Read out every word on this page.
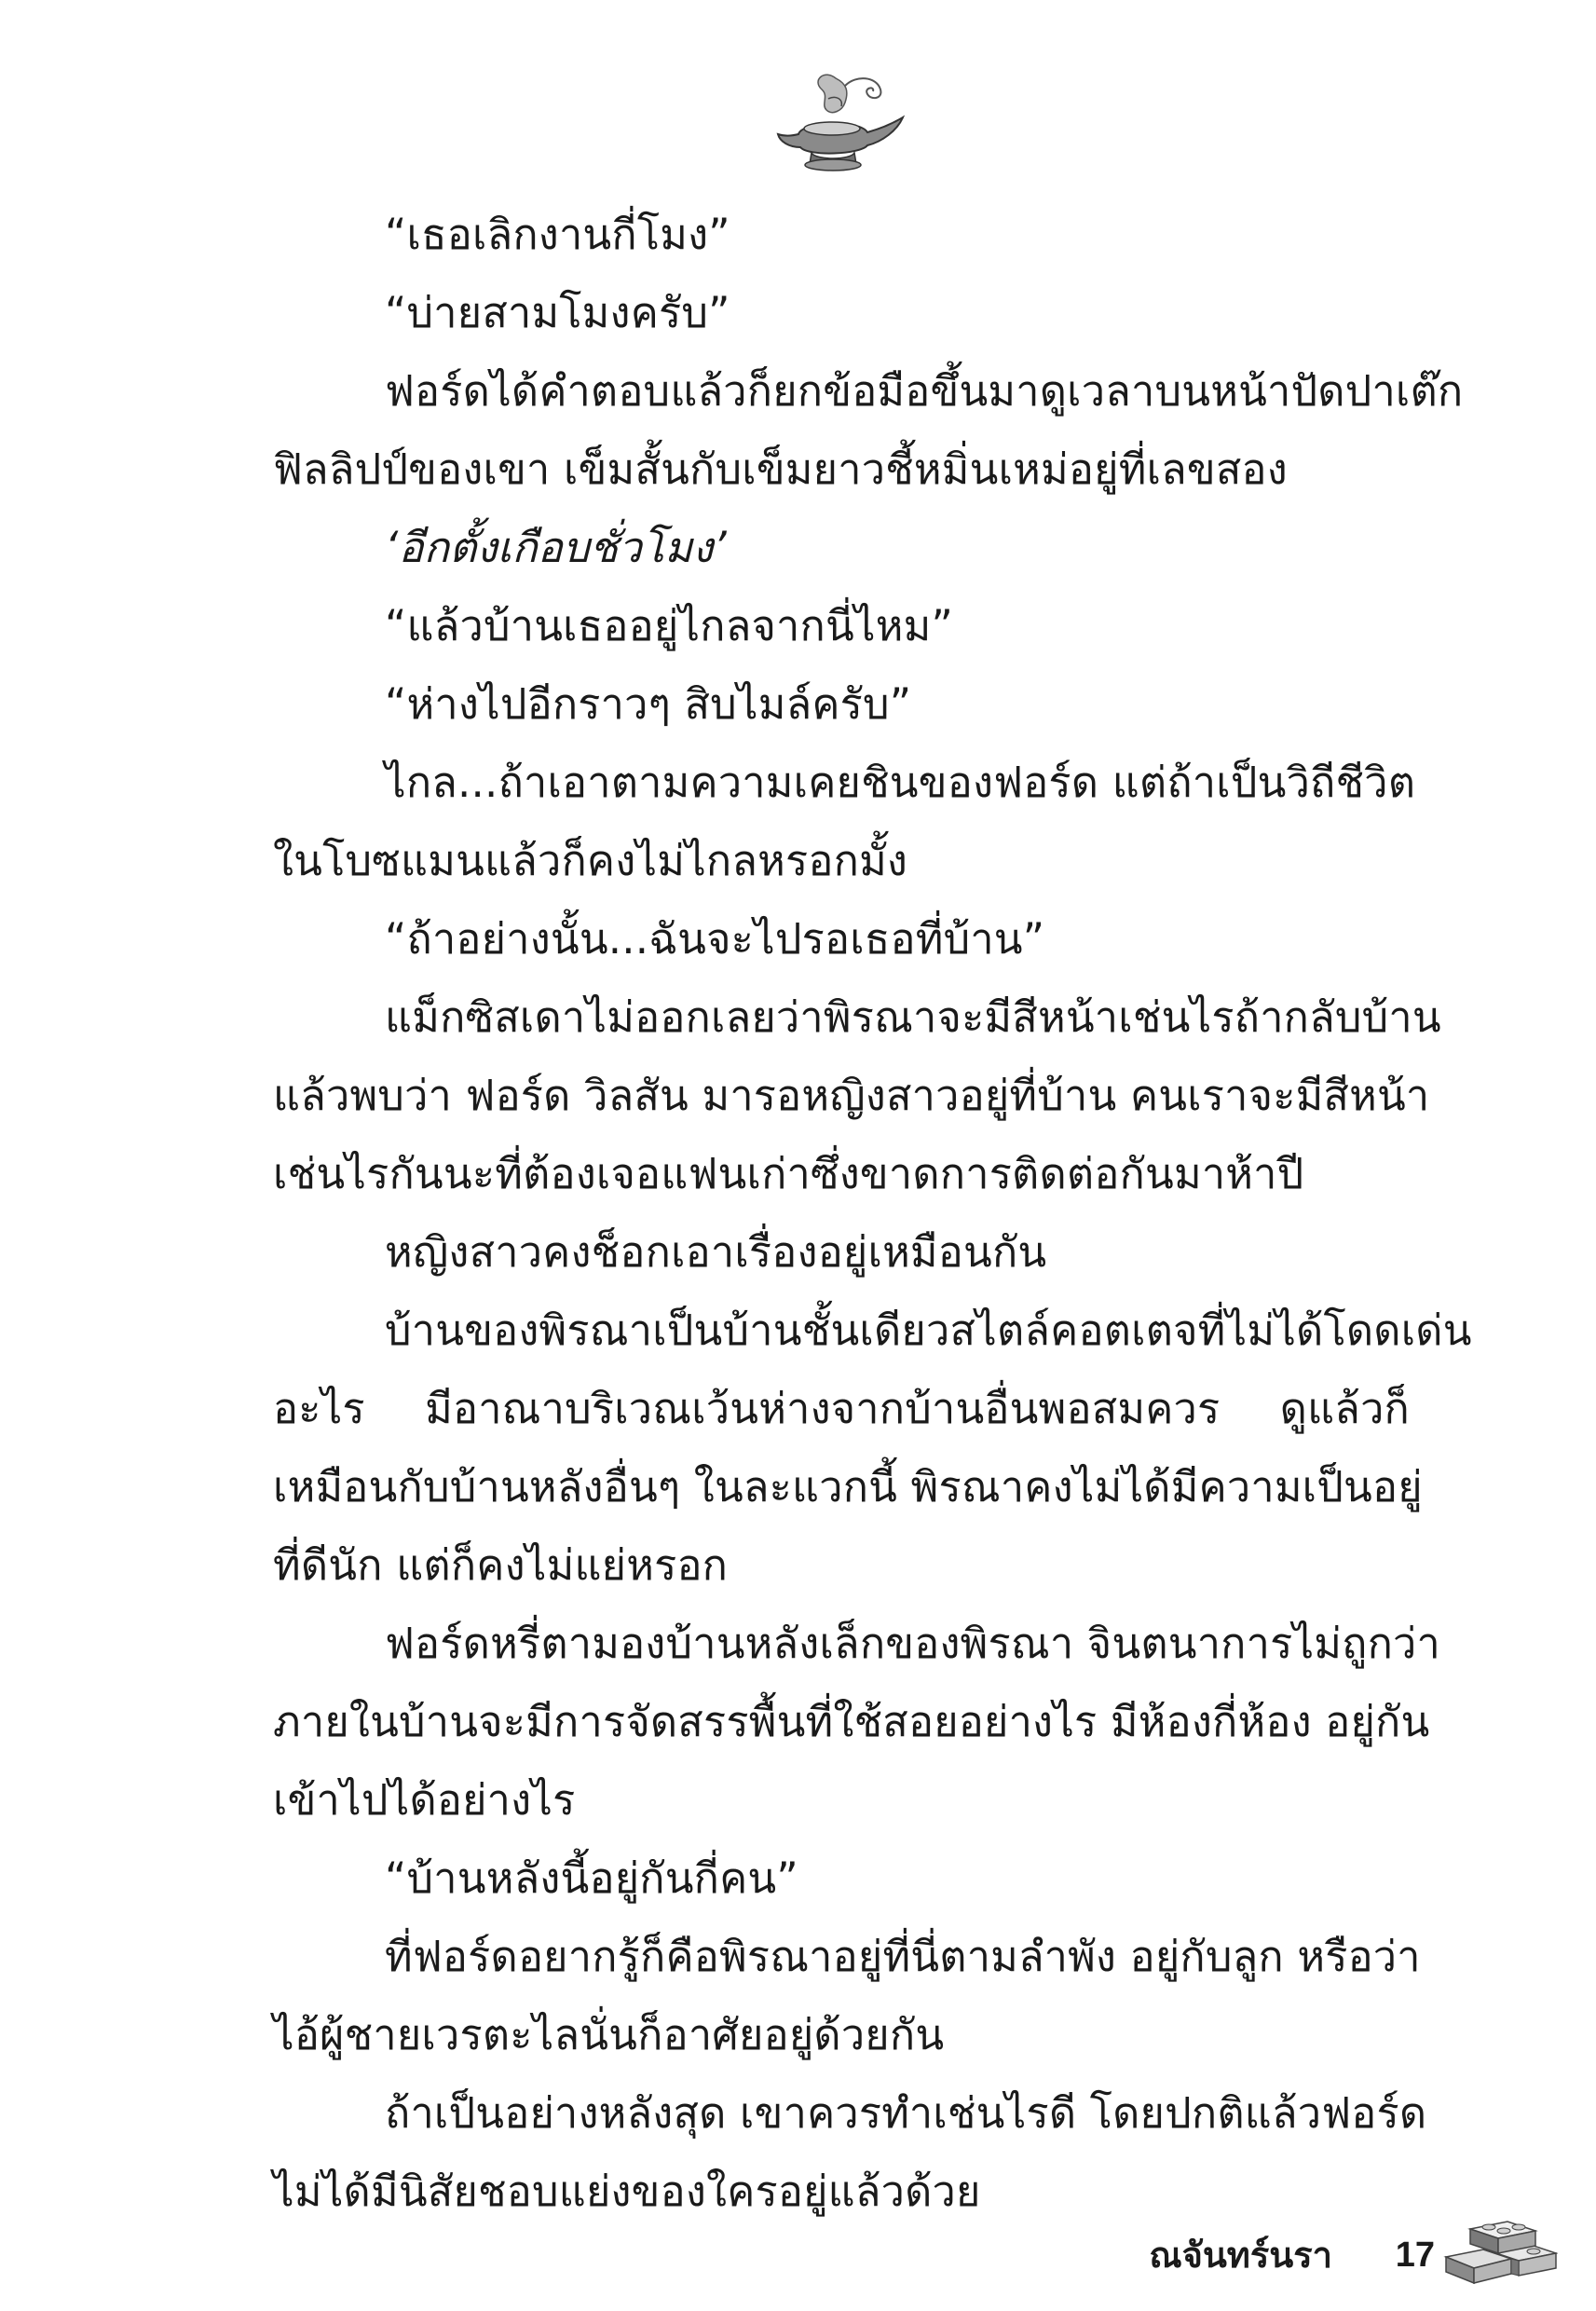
“เธอเลิกงานกี่โมง”
“บ่ายสามโมงครับ”
ฟอร์ดได้คำตอบแล้วก็ยกข้อมือขึ้นมาดูเวลาบนหน้าปัดปาเต๊ก
ฟิลลิปป์ของเขา เข็มสั้นกับเข็มยาวชี้หมิ่นเหม่อยู่ที่เลขสอง
‘อีกตั้งเกือบชั่วโมง’
“แล้วบ้านเธออยู่ไกลจากนี่ไหม”
“ห่างไปอีกราวๆ สิบไมล์ครับ”
ไกล...ถ้าเอาตามความเคยชินของฟอร์ด แต่ถ้าเป็นวิถีชีวิต
ในโบซแมนแล้วก็คงไม่ไกลหรอกมั้ง
“ถ้าอย่างนั้น...ฉันจะไปรอเธอที่บ้าน”
แม็กซิสเดาไม่ออกเลยว่าพิรณาจะมีสีหน้าเช่นไรถ้ากลับบ้าน
แล้วพบว่า ฟอร์ด วิลสัน มารอหญิงสาวอยู่ที่บ้าน คนเราจะมีสีหน้า
เช่นไรกันนะที่ต้องเจอแฟนเก่าซึ่งขาดการติดต่อกันมาห้าปี
หญิงสาวคงช็อกเอาเรื่องอยู่เหมือนกัน
บ้านของพิรณาเป็นบ้านชั้นเดียวสไตล์คอตเตจที่ไม่ได้โดดเด่น
อะไร มีอาณาบริเวณเว้นห่างจากบ้านอื่นพอสมควร ดูแล้วก็
เหมือนกับบ้านหลังอื่นๆ ในละแวกนี้ พิรณาคงไม่ได้มีความเป็นอยู่
ที่ดีนัก แต่ก็คงไม่แย่หรอก
ฟอร์ดหรี่ตามองบ้านหลังเล็กของพิรณา จินตนาการไม่ถูกว่า
ภายในบ้านจะมีการจัดสรรพื้นที่ใช้สอยอย่างไร มีห้องกี่ห้อง อยู่กัน
เข้าไปได้อย่างไร
“บ้านหลังนี้อยู่กันกี่คน”
ที่ฟอร์ดอยากรู้ก็คือพิรณาอยู่ที่นี่ตามลำพัง อยู่กับลูก หรือว่า
ไอ้ผู้ชายเวรตะไลนั่นก็อาศัยอยู่ด้วยกัน
ถ้าเป็นอย่างหลังสุด เขาควรทำเช่นไรดี โดยปกติแล้วฟอร์ด
ไม่ได้มีนิสัยชอบแย่งของใครอยู่แล้วด้วย
ณจันทร์นรา	17
